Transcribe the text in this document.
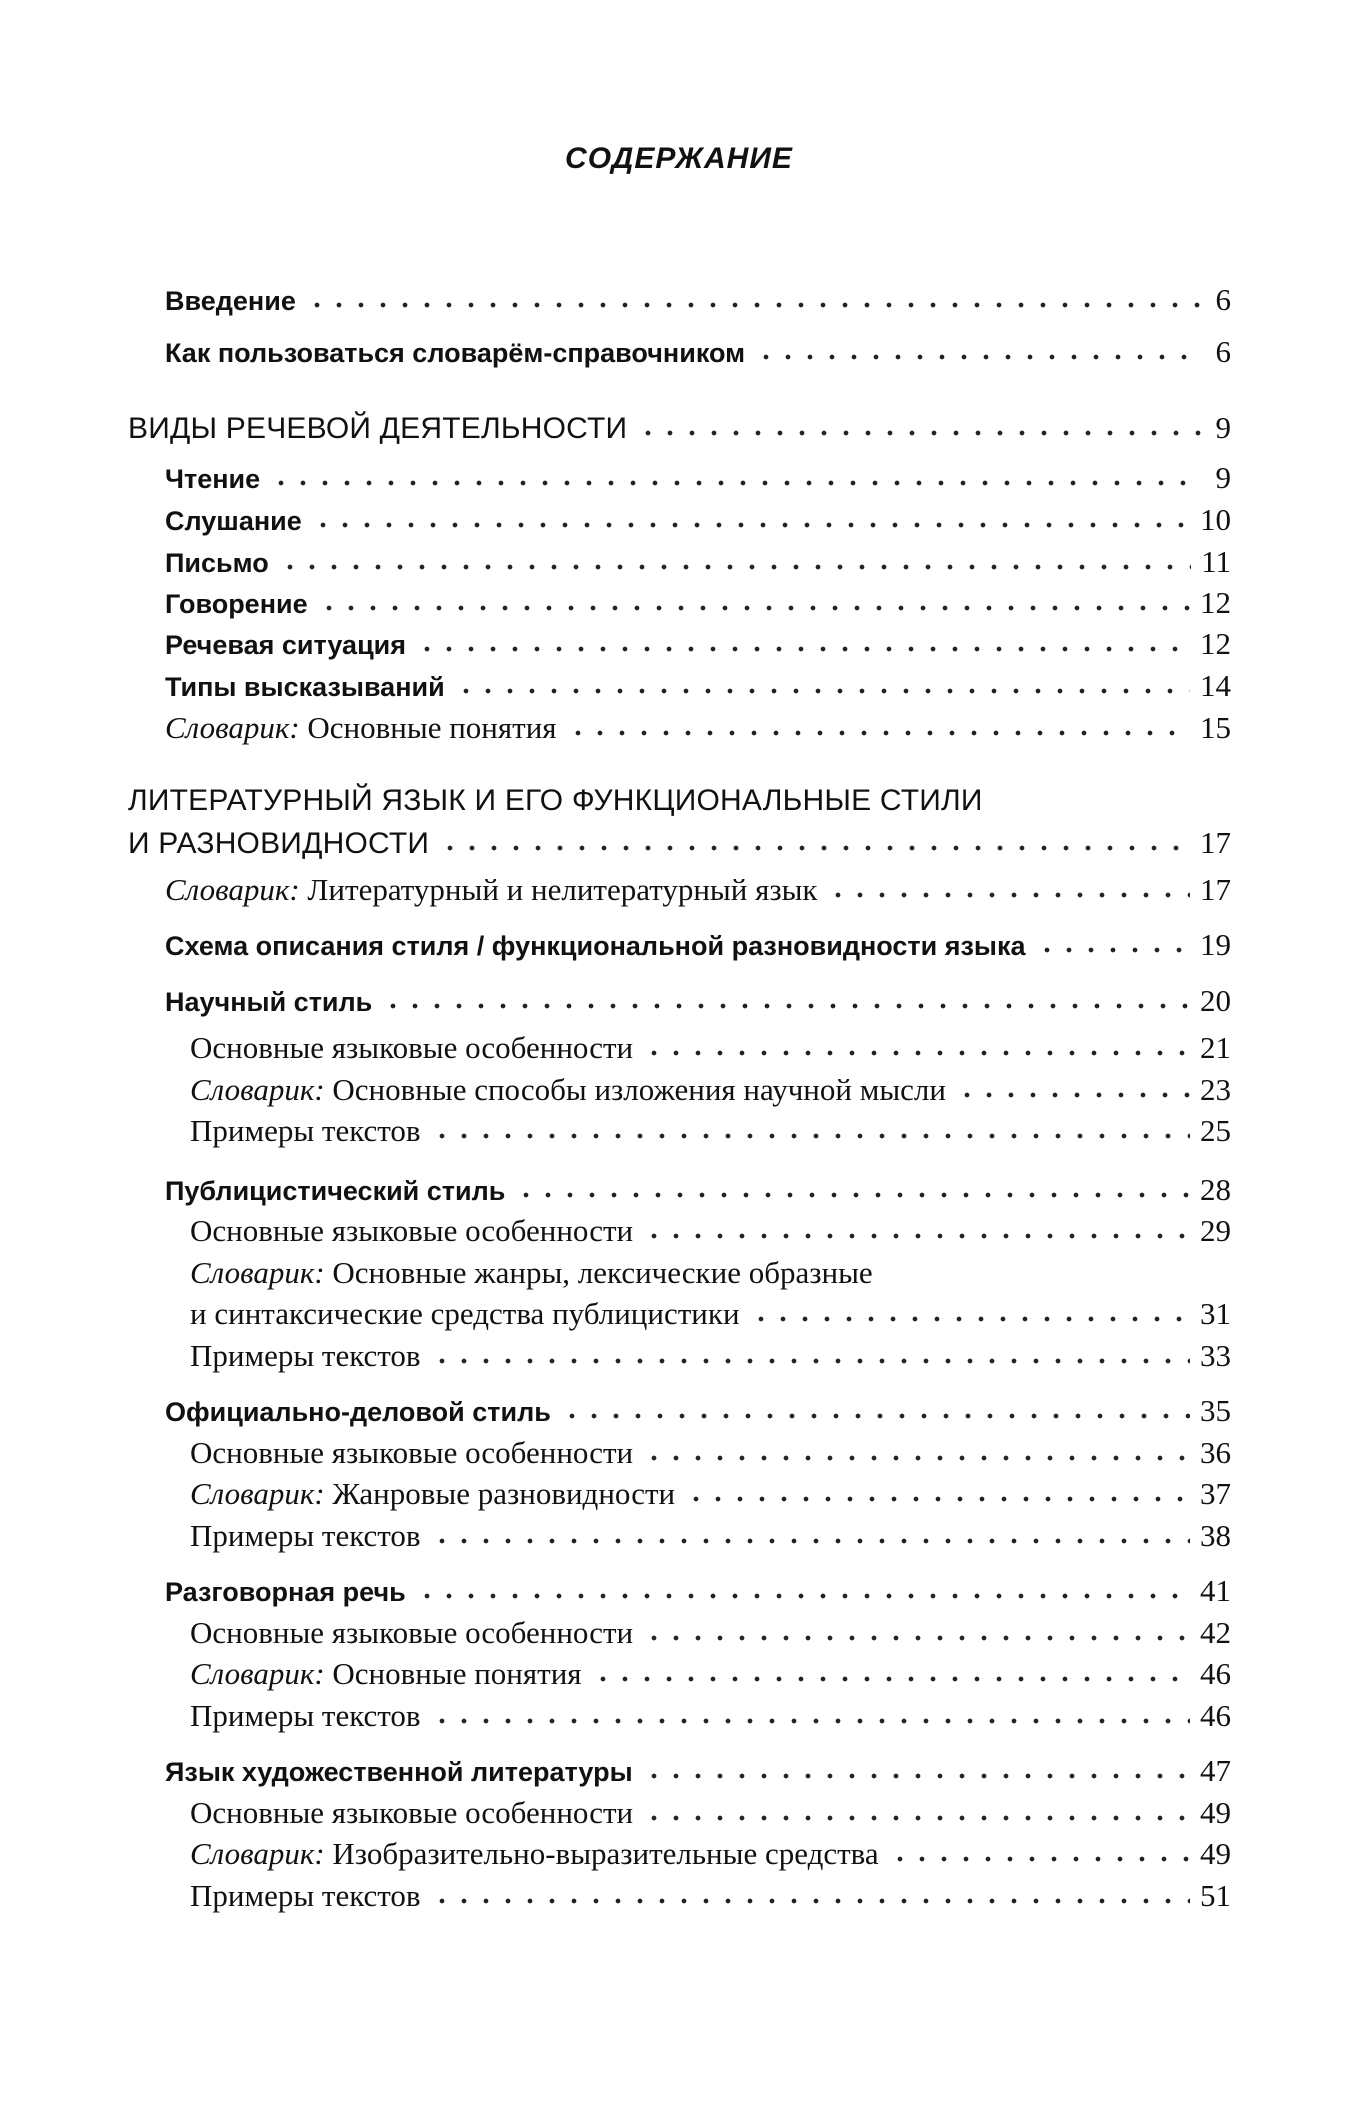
СОДЕРЖАНИЕ
Введение	6
Как пользоваться словарём-справочником	6
ВИДЫ РЕЧЕВОЙ ДЕЯТЕЛЬНОСТИ	9
Чтение	9
Слушание	10
Письмо	11
Говорение	12
Речевая ситуация	12
Типы высказываний	14
Словарик: Основные понятия	15
ЛИТЕРАТУРНЫЙ ЯЗЫК И ЕГО ФУНКЦИОНАЛЬНЫЕ СТИЛИ
И РАЗНОВИДНОСТИ	17
Словарик: Литературный и нелитературный язык	17
Схема описания стиля / функциональной разновидности языка	19
Научный стиль	20
Основные языковые особенности	21
Словарик: Основные способы изложения научной мысли	23
Примеры текстов	25
Публицистический стиль	28
Основные языковые особенности	29
Словарик: Основные жанры, лексические образные
и синтаксические средства публицистики	31
Примеры текстов	33
Официально-деловой стиль	35
Основные языковые особенности	36
Словарик: Жанровые разновидности	37
Примеры текстов	38
Разговорная речь	41
Основные языковые особенности	42
Словарик: Основные понятия	46
Примеры текстов	46
Язык художественной литературы	47
Основные языковые особенности	49
Словарик: Изобразительно-выразительные средства	49
Примеры текстов	51
